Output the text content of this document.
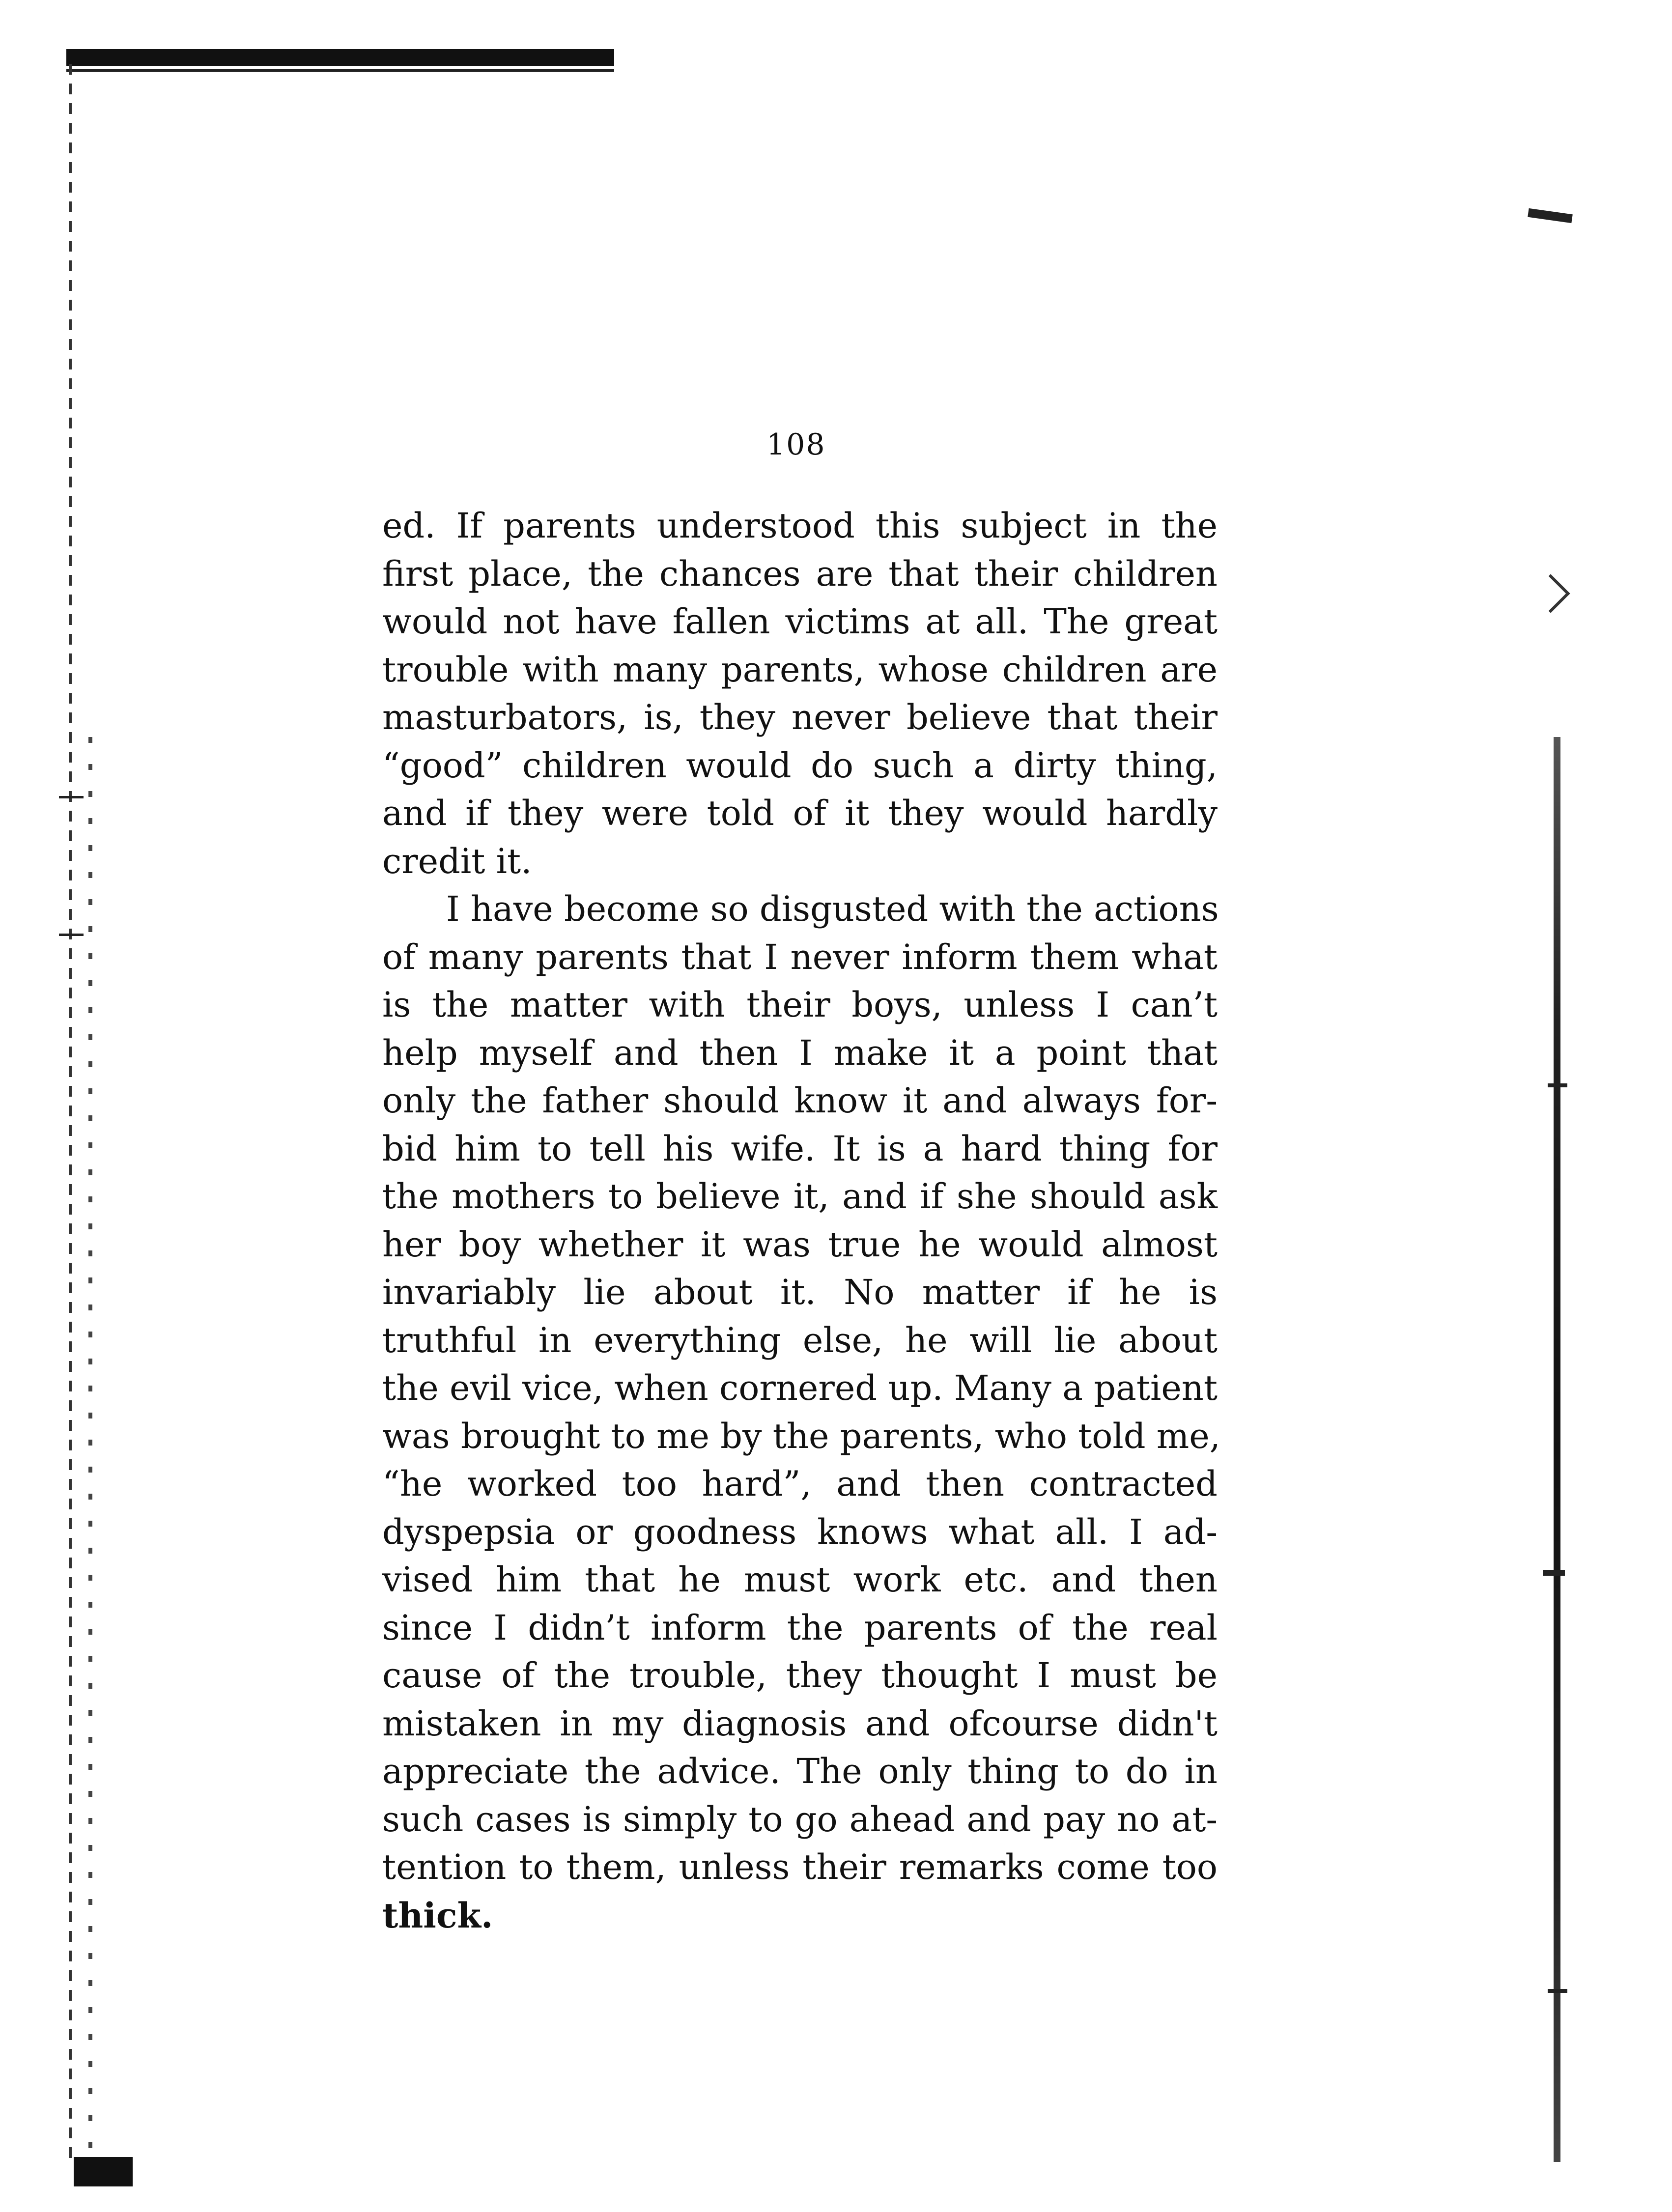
108
ed. If parents understood this subject in the
first place, the chances are that their children
would not have fallen victims at all. The great
trouble with many parents, whose children are
masturbators, is, they never believe that their
“good” children would do such a dirty thing,
and if they were told of it they would hardly
credit it.
I have become so disgusted with the actions
of many parents that I never inform them what
is the matter with their boys, unless I can’t
help myself and then I make it a point that
only the father should know it and always for-
bid him to tell his wife. It is a hard thing for
the mothers to believe it, and if she should ask
her boy whether it was true he would almost
invariably lie about it. No matter if he is
truthful in everything else, he will lie about
the evil vice, when cornered up. Many a patient
was brought to me by the parents, who told me,
“he worked too hard”, and then contracted
dyspepsia or goodness knows what all. I ad-
vised him that he must work etc. and then
since I didn’t inform the parents of the real
cause of the trouble, they thought I must be
mistaken in my diagnosis and ofcourse didn't
appreciate the advice. The only thing to do in
such cases is simply to go ahead and pay no at-
tention to them, unless their remarks come too
thick.
